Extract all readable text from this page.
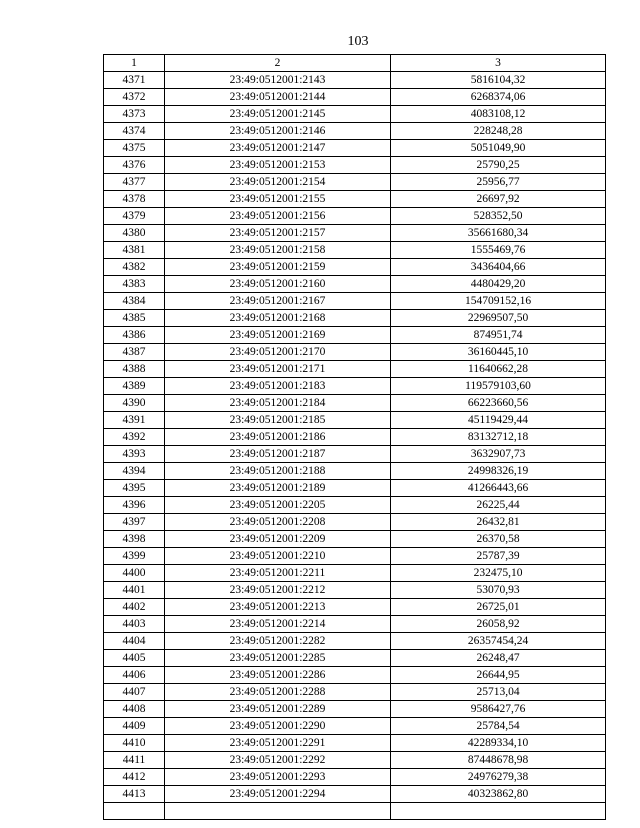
103
1	2	3
4371	23:49:0512001:2143	5816104,32
4372	23:49:0512001:2144	6268374,06
4373	23:49:0512001:2145	4083108,12
4374	23:49:0512001:2146	228248,28
4375	23:49:0512001:2147	5051049,90
4376	23:49:0512001:2153	25790,25
4377	23:49:0512001:2154	25956,77
4378	23:49:0512001:2155	26697,92
4379	23:49:0512001:2156	528352,50
4380	23:49:0512001:2157	35661680,34
4381	23:49:0512001:2158	1555469,76
4382	23:49:0512001:2159	3436404,66
4383	23:49:0512001:2160	4480429,20
4384	23:49:0512001:2167	154709152,16
4385	23:49:0512001:2168	22969507,50
4386	23:49:0512001:2169	874951,74
4387	23:49:0512001:2170	36160445,10
4388	23:49:0512001:2171	11640662,28
4389	23:49:0512001:2183	119579103,60
4390	23:49:0512001:2184	66223660,56
4391	23:49:0512001:2185	45119429,44
4392	23:49:0512001:2186	83132712,18
4393	23:49:0512001:2187	3632907,73
4394	23:49:0512001:2188	24998326,19
4395	23:49:0512001:2189	41266443,66
4396	23:49:0512001:2205	26225,44
4397	23:49:0512001:2208	26432,81
4398	23:49:0512001:2209	26370,58
4399	23:49:0512001:2210	25787,39
4400	23:49:0512001:2211	232475,10
4401	23:49:0512001:2212	53070,93
4402	23:49:0512001:2213	26725,01
4403	23:49:0512001:2214	26058,92
4404	23:49:0512001:2282	26357454,24
4405	23:49:0512001:2285	26248,47
4406	23:49:0512001:2286	26644,95
4407	23:49:0512001:2288	25713,04
4408	23:49:0512001:2289	9586427,76
4409	23:49:0512001:2290	25784,54
4410	23:49:0512001:2291	42289334,10
4411	23:49:0512001:2292	87448678,98
4412	23:49:0512001:2293	24976279,38
4413	23:49:0512001:2294	40323862,80
